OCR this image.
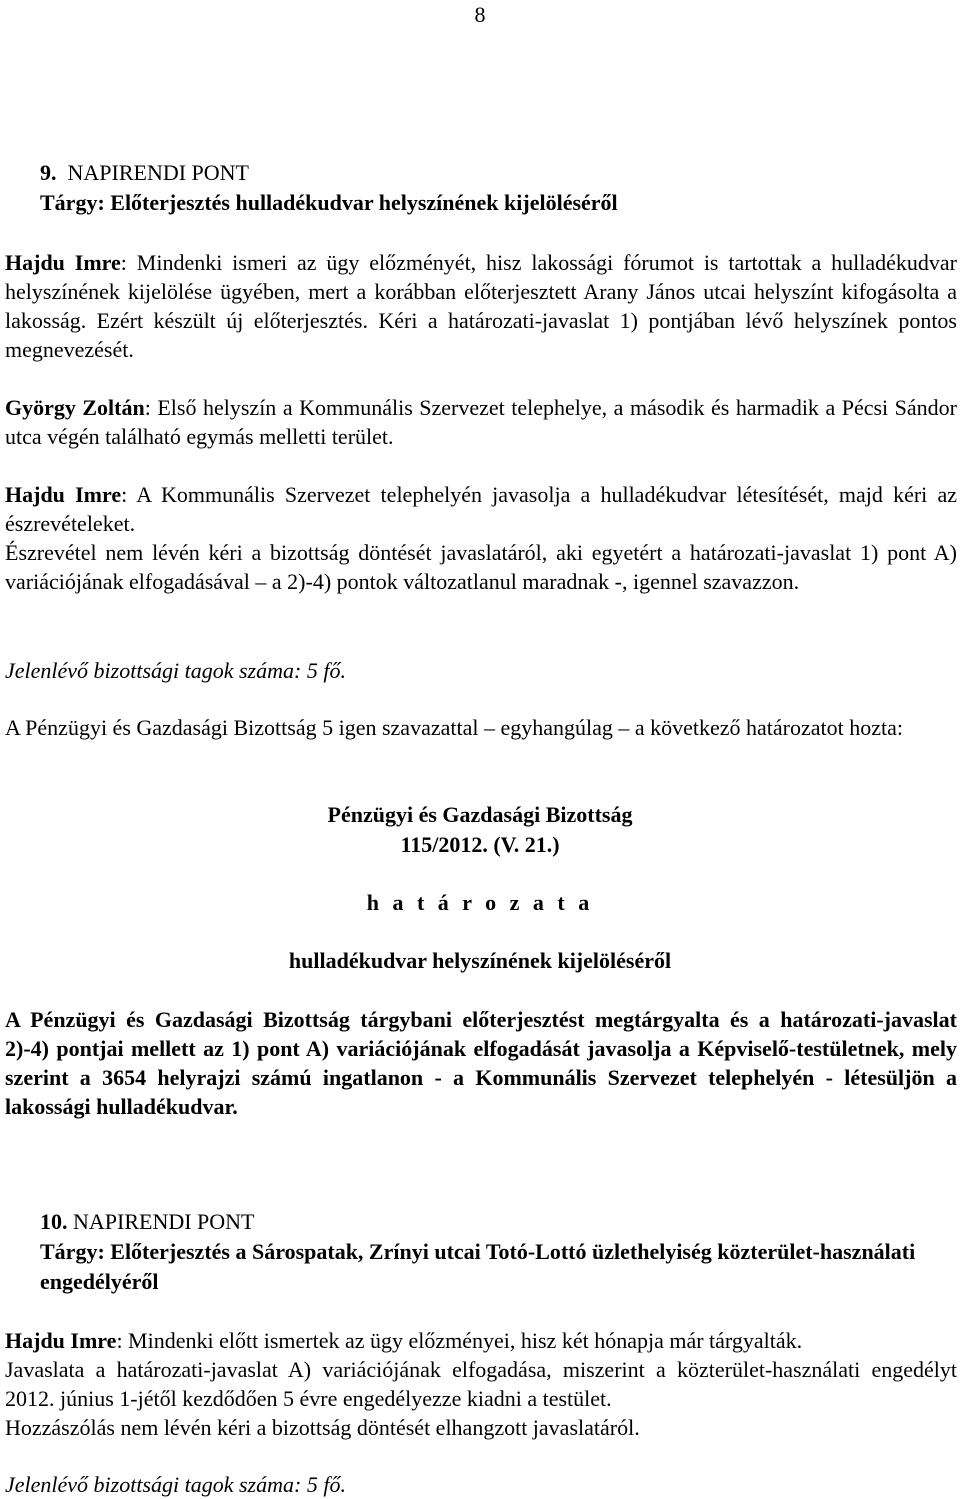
8
9. NAPIRENDI PONT
Tárgy: Előterjesztés hulladékudvar helyszínének kijelöléséről
Hajdu Imre: Mindenki ismeri az ügy előzményét, hisz lakossági fórumot is tartottak a hulladékudvar helyszínének kijelölése ügyében, mert a korábban előterjesztett Arany János utcai helyszínt kifogásolta a lakosság. Ezért készült új előterjesztés. Kéri a határozati-javaslat 1) pontjában lévő helyszínek pontos megnevezését.
György Zoltán: Első helyszín a Kommunális Szervezet telephelye, a második és harmadik a Pécsi Sándor utca végén található egymás melletti terület.
Hajdu Imre: A Kommunális Szervezet telephelyén javasolja a hulladékudvar létesítését, majd kéri az észrevételeket.
Észrevétel nem lévén kéri a bizottság döntését javaslatáról, aki egyetért a határozati-javaslat 1) pont A) variációjának elfogadásával – a 2)-4) pontok változatlanul maradnak -, igennel szavazzon.
Jelenlévő bizottsági tagok száma: 5 fő.
A Pénzügyi és Gazdasági Bizottság 5 igen szavazattal – egyhangúlag – a következő határozatot hozta:
Pénzügyi és Gazdasági Bizottság
115/2012. (V. 21.)
h a t á r o z a t a
hulladékudvar helyszínének kijelöléséről
A Pénzügyi és Gazdasági Bizottság tárgybani előterjesztést megtárgyalta és a határozati-javaslat 2)-4) pontjai mellett az 1) pont A) variációjának elfogadását javasolja a Képviselő-testületnek, mely szerint a 3654 helyrajzi számú ingatlanon - a Kommunális Szervezet telephelyén - létesüljön a lakossági hulladékudvar.
10. NAPIRENDI PONT
Tárgy: Előterjesztés a Sárospatak, Zrínyi utcai Totó-Lottó üzlethelyiség közterület-használati engedélyéről
Hajdu Imre: Mindenki előtt ismertek az ügy előzményei, hisz két hónapja már tárgyalták.
Javaslata a határozati-javaslat A) variációjának elfogadása, miszerint a közterület-használati engedélyt 2012. június 1-jétől kezdődően 5 évre engedélyezze kiadni a testület.
Hozzászólás nem lévén kéri a bizottság döntését elhangzott javaslatáról.
Jelenlévő bizottsági tagok száma: 5 fő.
